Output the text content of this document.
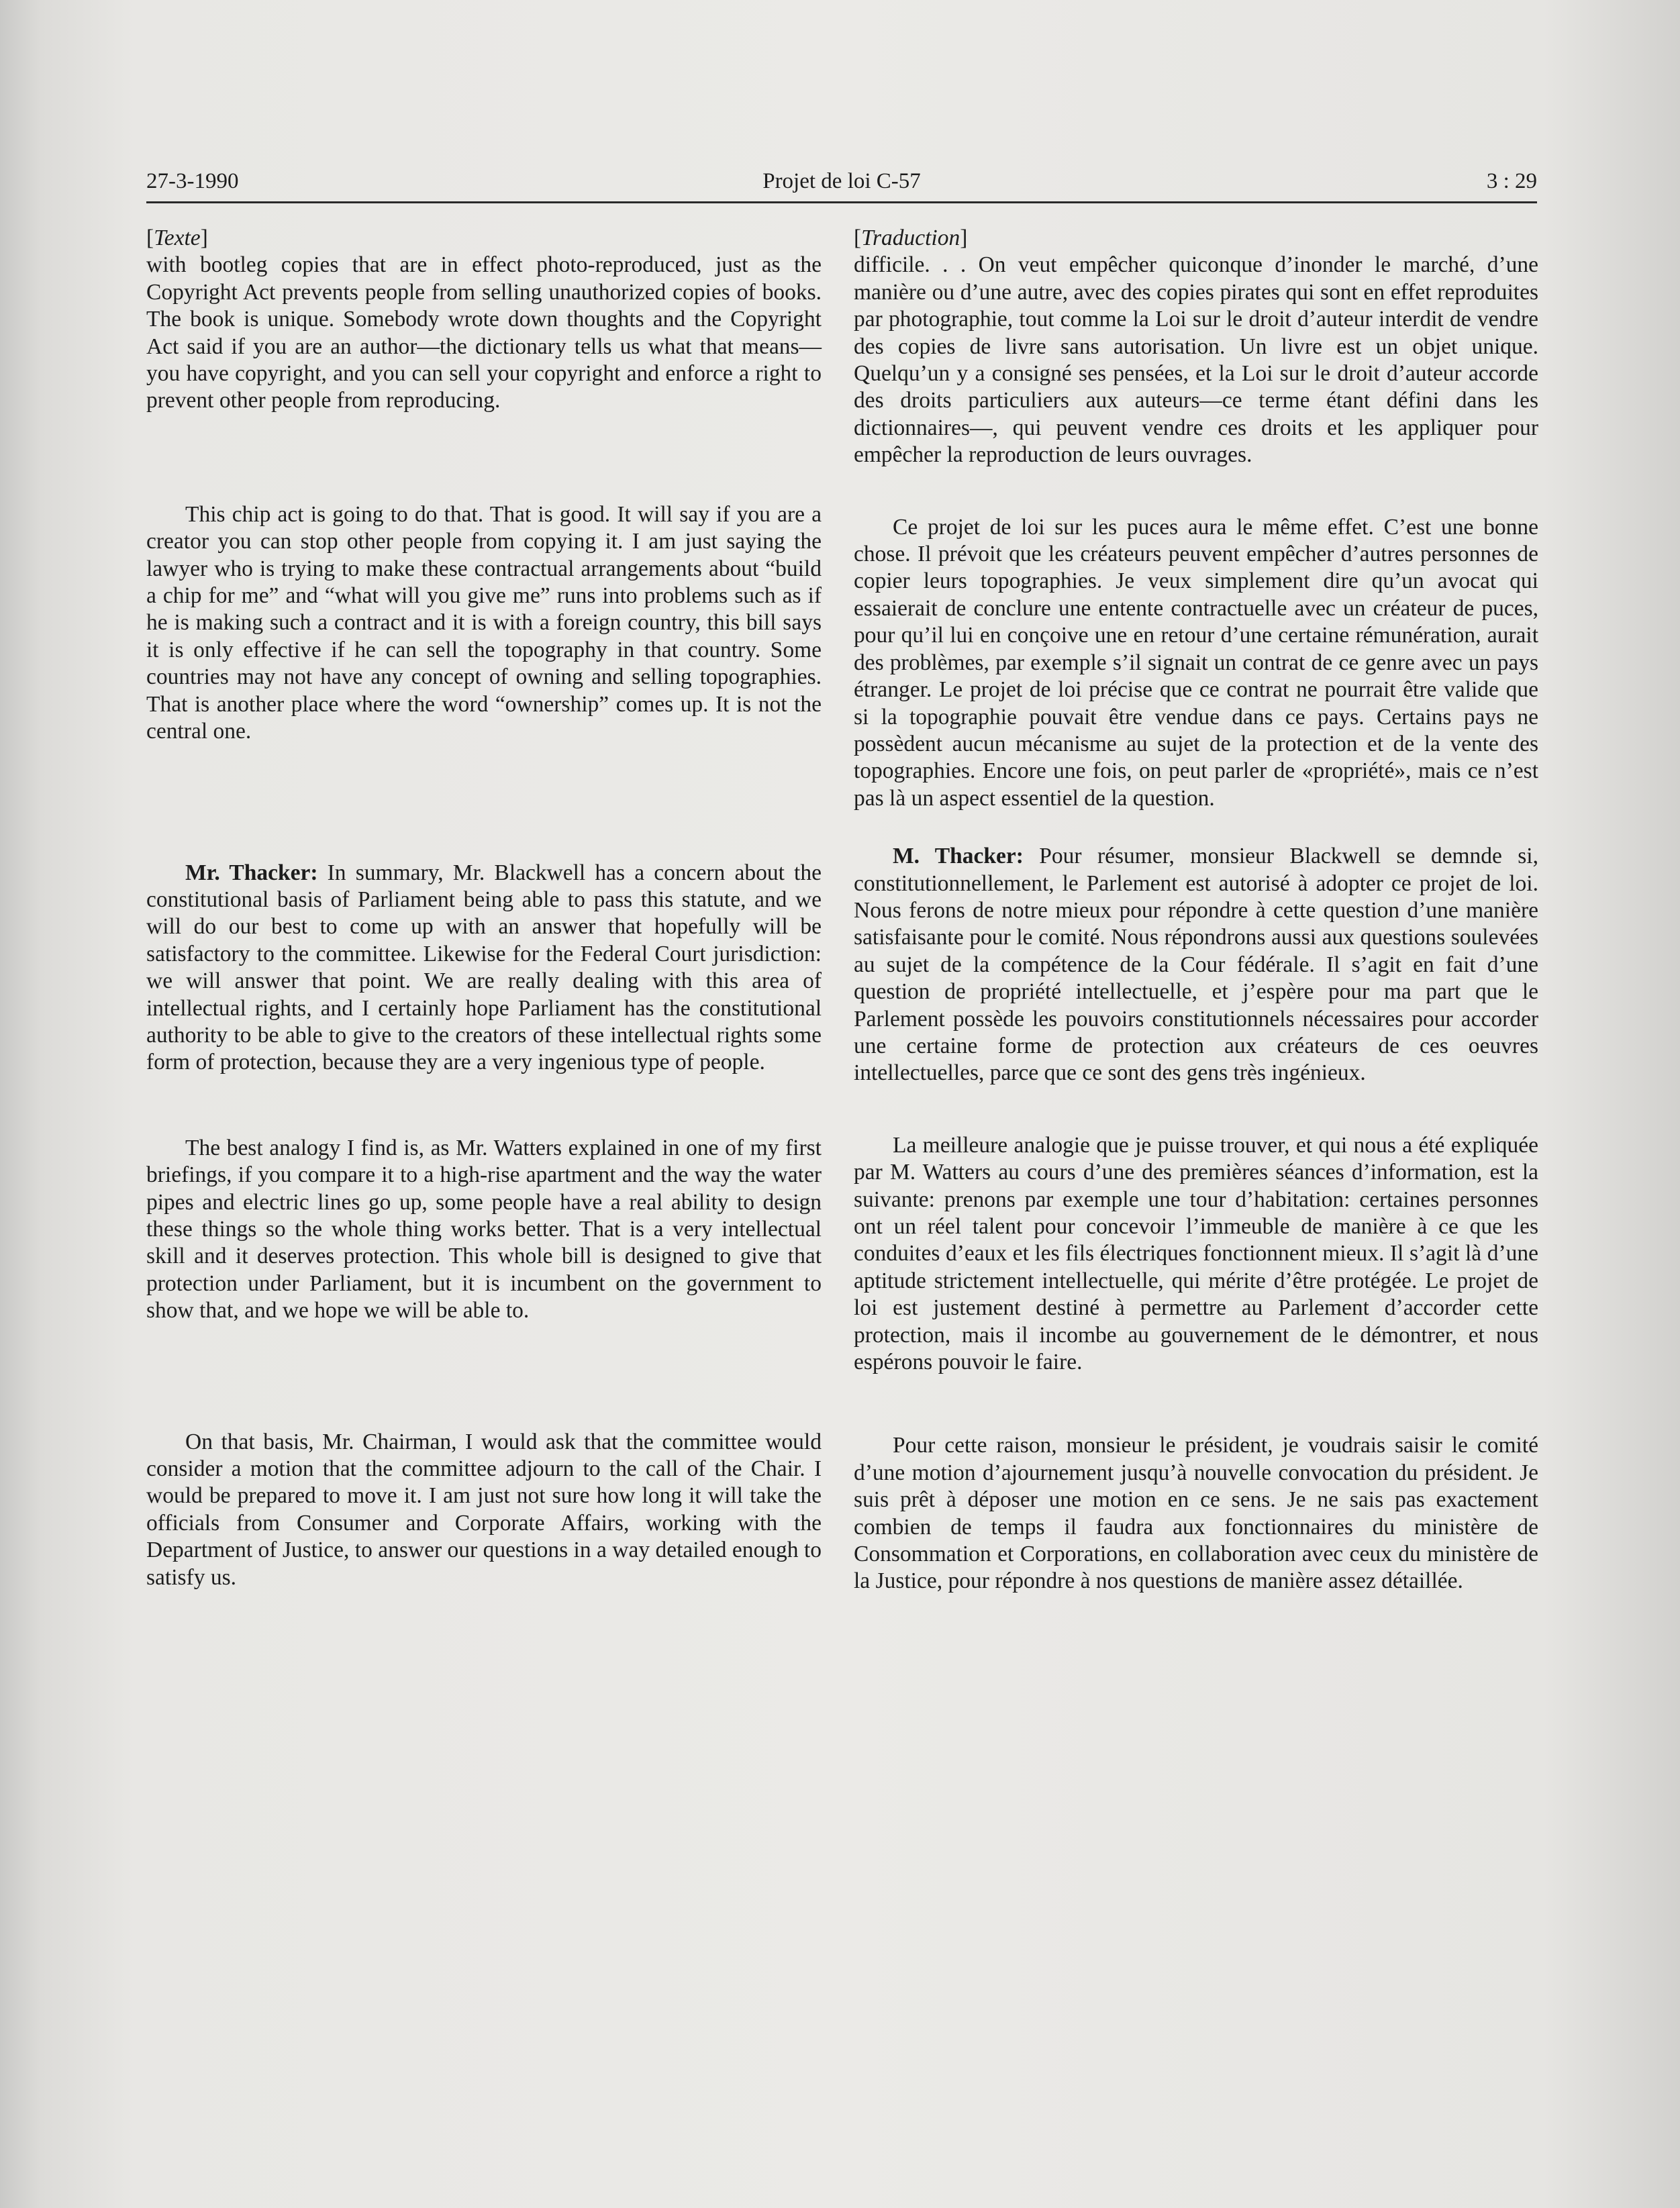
27-3-1990	Projet de loi C-57	3 : 29

[Texte]

with bootleg copies that are in effect photo-reproduced, just as the Copyright Act prevents people from selling unauthorized copies of books. The book is unique. Somebody wrote down thoughts and the Copyright Act said if you are an author—the dictionary tells us what that means—you have copyright, and you can sell your copyright and enforce a right to prevent other people from reproducing.

This chip act is going to do that. That is good. It will say if you are a creator you can stop other people from copying it. I am just saying the lawyer who is trying to make these contractual arrangements about “build a chip for me” and “what will you give me” runs into problems such as if he is making such a contract and it is with a foreign country, this bill says it is only effective if he can sell the topography in that country. Some countries may not have any concept of owning and selling topographies. That is another place where the word “ownership” comes up. It is not the central one.

Mr. Thacker: In summary, Mr. Blackwell has a concern about the constitutional basis of Parliament being able to pass this statute, and we will do our best to come up with an answer that hopefully will be satisfactory to the committee. Likewise for the Federal Court jurisdiction: we will answer that point. We are really dealing with this area of intellectual rights, and I certainly hope Parliament has the constitutional authority to be able to give to the creators of these intellectual rights some form of protection, because they are a very ingenious type of people.

The best analogy I find is, as Mr. Watters explained in one of my first briefings, if you compare it to a high-rise apartment and the way the water pipes and electric lines go up, some people have a real ability to design these things so the whole thing works better. That is a very intellectual skill and it deserves protection. This whole bill is designed to give that protection under Parliament, but it is incumbent on the government to show that, and we hope we will be able to.

On that basis, Mr. Chairman, I would ask that the committee would consider a motion that the committee adjourn to the call of the Chair. I would be prepared to move it. I am just not sure how long it will take the officials from Consumer and Corporate Affairs, working with the Department of Justice, to answer our questions in a way detailed enough to satisfy us.

[Traduction]

difficile. . . On veut empêcher quiconque d’inonder le marché, d’une manière ou d’une autre, avec des copies pirates qui sont en effet reproduites par photographie, tout comme la Loi sur le droit d’auteur interdit de vendre des copies de livre sans autorisation. Un livre est un objet unique. Quelqu’un y a consigné ses pensées, et la Loi sur le droit d’auteur accorde des droits particuliers aux auteurs—ce terme étant défini dans les dictionnaires—, qui peuvent vendre ces droits et les appliquer pour empêcher la reproduction de leurs ouvrages.

Ce projet de loi sur les puces aura le même effet. C’est une bonne chose. Il prévoit que les créateurs peuvent empêcher d’autres personnes de copier leurs topographies. Je veux simplement dire qu’un avocat qui essaierait de conclure une entente contractuelle avec un créateur de puces, pour qu’il lui en conçoive une en retour d’une certaine rémunération, aurait des problèmes, par exemple s’il signait un contrat de ce genre avec un pays étranger. Le projet de loi précise que ce contrat ne pourrait être valide que si la topographie pouvait être vendue dans ce pays. Certains pays ne possèdent aucun mécanisme au sujet de la protection et de la vente des topographies. Encore une fois, on peut parler de «propriété», mais ce n’est pas là un aspect essentiel de la question.

M. Thacker: Pour résumer, monsieur Blackwell se demnde si, constitutionnellement, le Parlement est autorisé à adopter ce projet de loi. Nous ferons de notre mieux pour répondre à cette question d’une manière satisfaisante pour le comité. Nous répondrons aussi aux questions soulevées au sujet de la compétence de la Cour fédérale. Il s’agit en fait d’une question de propriété intellectuelle, et j’espère pour ma part que le Parlement possède les pouvoirs constitutionnels nécessaires pour accorder une certaine forme de protection aux créateurs de ces oeuvres intellectuelles, parce que ce sont des gens très ingénieux.

La meilleure analogie que je puisse trouver, et qui nous a été expliquée par M. Watters au cours d’une des premières séances d’information, est la suivante: prenons par exemple une tour d’habitation: certaines personnes ont un réel talent pour concevoir l’immeuble de manière à ce que les conduites d’eaux et les fils électriques fonctionnent mieux. Il s’agit là d’une aptitude strictement intellectuelle, qui mérite d’être protégée. Le projet de loi est justement destiné à permettre au Parlement d’accorder cette protection, mais il incombe au gouvernement de le démontrer, et nous espérons pouvoir le faire.

Pour cette raison, monsieur le président, je voudrais saisir le comité d’une motion d’ajournement jusqu’à nouvelle convocation du président. Je suis prêt à déposer une motion en ce sens. Je ne sais pas exactement combien de temps il faudra aux fonctionnaires du ministère de Consommation et Corporations, en collaboration avec ceux du ministère de la Justice, pour répondre à nos questions de manière assez détaillée.
